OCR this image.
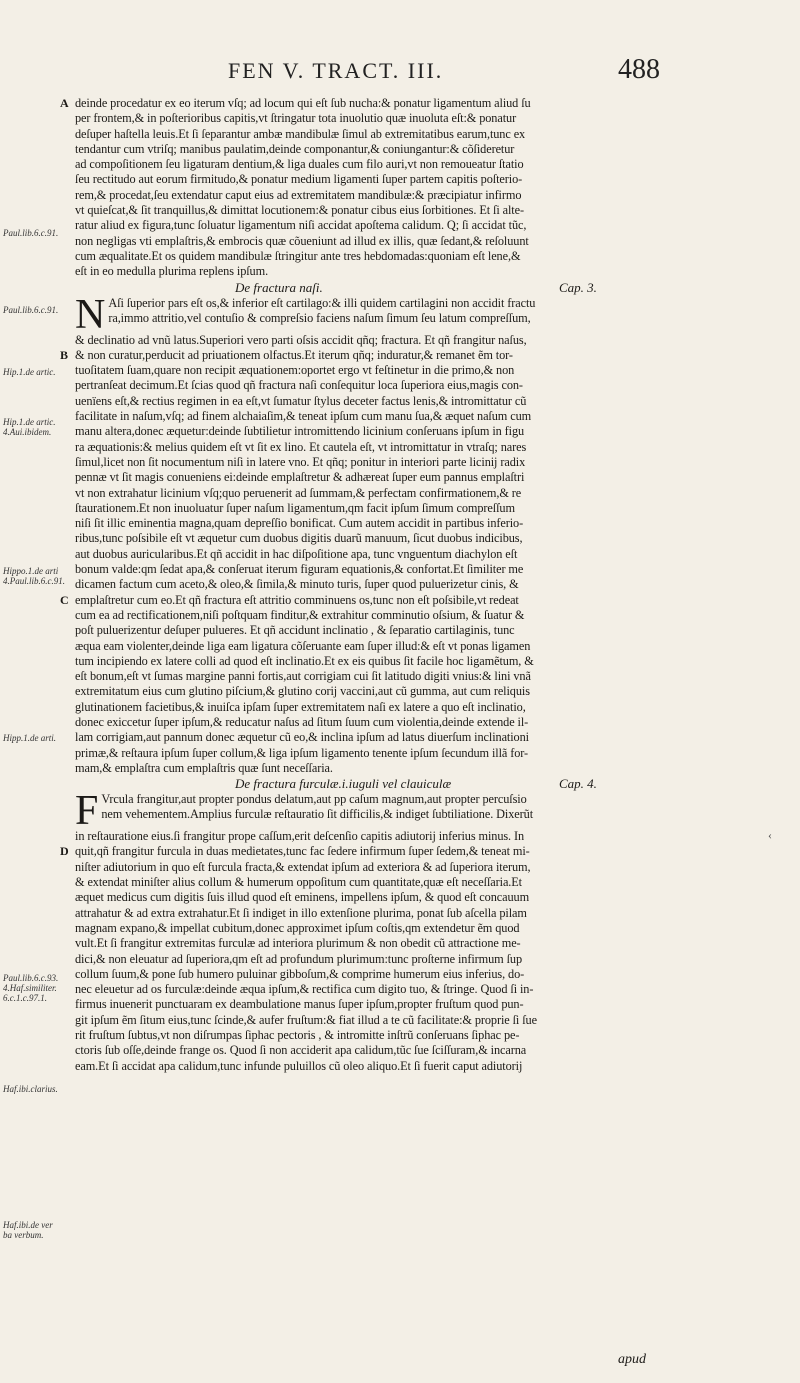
FEN V. TRACT. III.	488
Paul.lib.6.c.91.
Paul.lib.6.c.91.
Hip.1.de artic.
Hip.1.de artic.
4.Aui.ibidem.
Hippo.1.de arti
4.Paul.lib.6.c.91.
Hipp.1.de arti.
Paul.lib.6.c.93.
4.Haf.similiter.
6.c.1.c.97.1.
Haf.ibi.clarius.
Haf.ibi.de ver
ba verbum.
A deinde procedatur ex eo iterum vſq; ad locum qui eſt ſub nucha:& ponatur ligamentum aliud ſu
per frontem,& in poſterioribus capitis,vt ſtringatur tota inuolutio quæ inuoluta eſt:& ponatur
deſuper haſtella leuis.Et ſi ſeparantur ambæ mandibulæ ſimul ab extremitatibus earum,tunc ex
tendantur cum vtriſq; manibus paulatim,deinde componantur,& coniungantur:& cõſideretur
ad compoſitionem ſeu ligaturam dentium,& liga duales cum filo auri,vt non remoueatur ſtatio
ſeu rectitudo aut eorum firmitudo,& ponatur medium ligamenti ſuper partem capitis poſterio-
rem,& procedat,ſeu extendatur caput eius ad extremitatem mandibulæ:& præcipiatur infirmo
vt quieſcat,& ſit tranquillus,& dimittat locutionem:& ponatur cibus eius ſorbitiones. Et ſi alte-
ratur aliud ex figura,tunc ſoluatur ligamentum niſi accidat apoſtema calidum. Q; ſi accidat tũc,
non negligas vti emplaſtris,& embrocis quæ cõueniunt ad illud ex illis, quæ ſedant,& reſoluunt
cum æqualitate.Et os quidem mandibulæ ſtringitur ante tres hebdomadas:quoniam eſt lene,&
eſt in eo medulla plurima replens ipſum.
De fractura naſi.	Cap. 3.
N Aſi ſuperior pars eſt os,& inferior eſt cartilago:& illi quidem cartilagini non accidit fractu
ra,immo attritio,vel contuſio & compreſsio faciens naſum ſimum ſeu latum compreſſum,
& declinatio ad vnũ latus.Superiori vero parti oſsis accidit qñq; fractura. Et qñ frangitur naſus,
B & non curatur,perducit ad priuationem olfactus.Et iterum qñq; induratur,& remanet ẽm tor-
tuoſitatem ſuam,quare non recipit æquationem:oportet ergo vt feſtinetur in die primo,& non
pertranſeat decimum.Et ſcias quod qñ fractura naſi conſequitur loca ſuperiora eius,magis con-
uenïens eſt,& rectius regimen in ea eſt,vt ſumatur ſtylus deceter factus lenis,& intromittatur cũ
facilitate in naſum,vſq; ad finem alchaiaſim,& teneat ipſum cum manu ſua,& æquet naſum cum
manu altera,donec æquetur:deinde ſubtilietur intromittendo licinium conſeruans ipſum in figu
ra æquationis:& melius quidem eſt vt ſit ex lino. Et cautela eſt, vt intromittatur in vtraſq; nares
ſimul,licet non ſit nocumentum niſi in latere vno. Et qñq; ponitur in interiori parte licinij radix
pennæ vt ſit magis conueniens ei:deinde emplaſtretur & adhæreat ſuper eum pannus emplaſtri
vt non extrahatur licinium vſq;quo peruenerit ad ſummam,& perfectam confirmationem,& re
ſtaurationem.Et non inuoluatur ſuper naſum ligamentum,qm facit ipſum ſimum compreſſum
niſi ſit illic eminentia magna,quam depreſſio bonificat. Cum autem accidit in partibus inferio-
ribus,tunc poſsibile eſt vt æquetur cum duobus digitis duarũ manuum, ſicut duobus indicibus,
aut duobus auricularibus.Et qñ accidit in hac diſpoſitione apa, tunc vnguentum diachylon eſt
bonum valde:qm ſedat apa,& conſeruat iterum figuram equationis,& confortat.Et ſimiliter me
dicamen factum cum aceto,& oleo,& ſimila,& minuto turis, ſuper quod puluerizetur cinis, &
C emplaſtretur cum eo.Et qñ fractura eſt attritio comminuens os,tunc non eſt poſsibile,vt redeat
cum ea ad rectificationem,niſi poſtquam finditur,& extrahitur comminutio oſsium, & ſuatur &
poſt puluerizentur deſuper pulueres. Et qñ accidunt inclinatio , & ſeparatio cartilaginis, tunc
æqua eam violenter,deinde liga eam ligatura cõſeruante eam ſuper illud:& eſt vt ponas ligamen
tum incipiendo ex latere colli ad quod eſt inclinatio.Et ex eis quibus ſit facile hoc ligamẽtum, &
eſt bonum,eſt vt ſumas margine panni fortis,aut corrigiam cui ſit latitudo digiti vnius:& lini vnã
extremitatum eius cum glutino piſcium,& glutino corij vaccini,aut cũ gumma, aut cum reliquis
glutinationem facietibus,& inuiſca ipſam ſuper extremitatem naſi ex latere a quo eſt inclinatio,
donec exiccetur ſuper ipſum,& reducatur naſus ad ſitum ſuum cum violentia,deinde extende il-
lam corrigiam,aut pannum donec æquetur cũ eo,& inclina ipſum ad latus diuerſum inclinationi
primæ,& reſtaura ipſum ſuper collum,& liga ipſum ligamento tenente ipſum ſecundum illã for-
mam,& emplaſtra cum emplaſtris quæ ſunt neceſſaria.
De fractura furculæ.i.iuguli vel clauiculæ	Cap. 4.
F Vrcula frangitur,aut propter pondus delatum,aut pp caſum magnum,aut propter percuſsio
nem vehementem.Amplius furculæ reſtauratio ſit difficilis,& indiget ſubtiliatione. Dixerũt
in reſtauratione eius.ſi frangitur prope caſſum,erit deſcenſio capitis adiutorij inferius minus. In
D quit,qñ frangitur furcula in duas medietates,tunc fac ſedere infirmum ſuper ſedem,& teneat mi-
niſter adiutorium in quo eſt furcula fracta,& extendat ipſum ad exteriora & ad ſuperiora iterum,
& extendat miniſter alius collum & humerum oppoſitum cum quantitate,quæ eſt neceſſaria.Et
æquet medicus cum digitis ſuis illud quod eſt eminens, impellens ipſum, & quod eſt concauum
attrahatur & ad extra extrahatur.Et ſi indiget in illo extenſione plurima, ponat ſub aſcella pilam
magnam expano,& impellat cubitum,donec approximet ipſum coſtis,qm extendetur ẽm quod
vult.Et ſi frangitur extremitas furculæ ad interiora plurimum & non obedit cũ attractione me-
dici,& non eleuatur ad ſuperiora,qm eſt ad profundum plurimum:tunc proſterne infirmum ſup
collum ſuum,& pone ſub humero puluinar gibboſum,& comprime humerum eius inferius, do-
nec eleuetur ad os furculæ:deinde æqua ipſum,& rectifica cum digito tuo, & ſtringe. Quod ſi in-
firmus inuenerit punctuaram ex deambulatione manus ſuper ipſum,propter fruſtum quod pun-
git ipſum ẽm ſitum eius,tunc ſcinde,& aufer fruſtum:& fiat illud a te cũ facilitate:& proprie ſi ſue
rit fruſtum ſubtus,vt non diſrumpas ſiphac pectoris , & intromitte inſtrũ conſeruans ſiphac pe-
ctoris ſub oſſe,deinde frange os. Quod ſi non acciderit apa calidum,tũc ſue ſciſſuram,& incarna
eam.Et ſi accidat apa calidum,tunc infunde puluillos cũ oleo aliquo.Et ſi fuerit caput adiutorij
apud
‹
